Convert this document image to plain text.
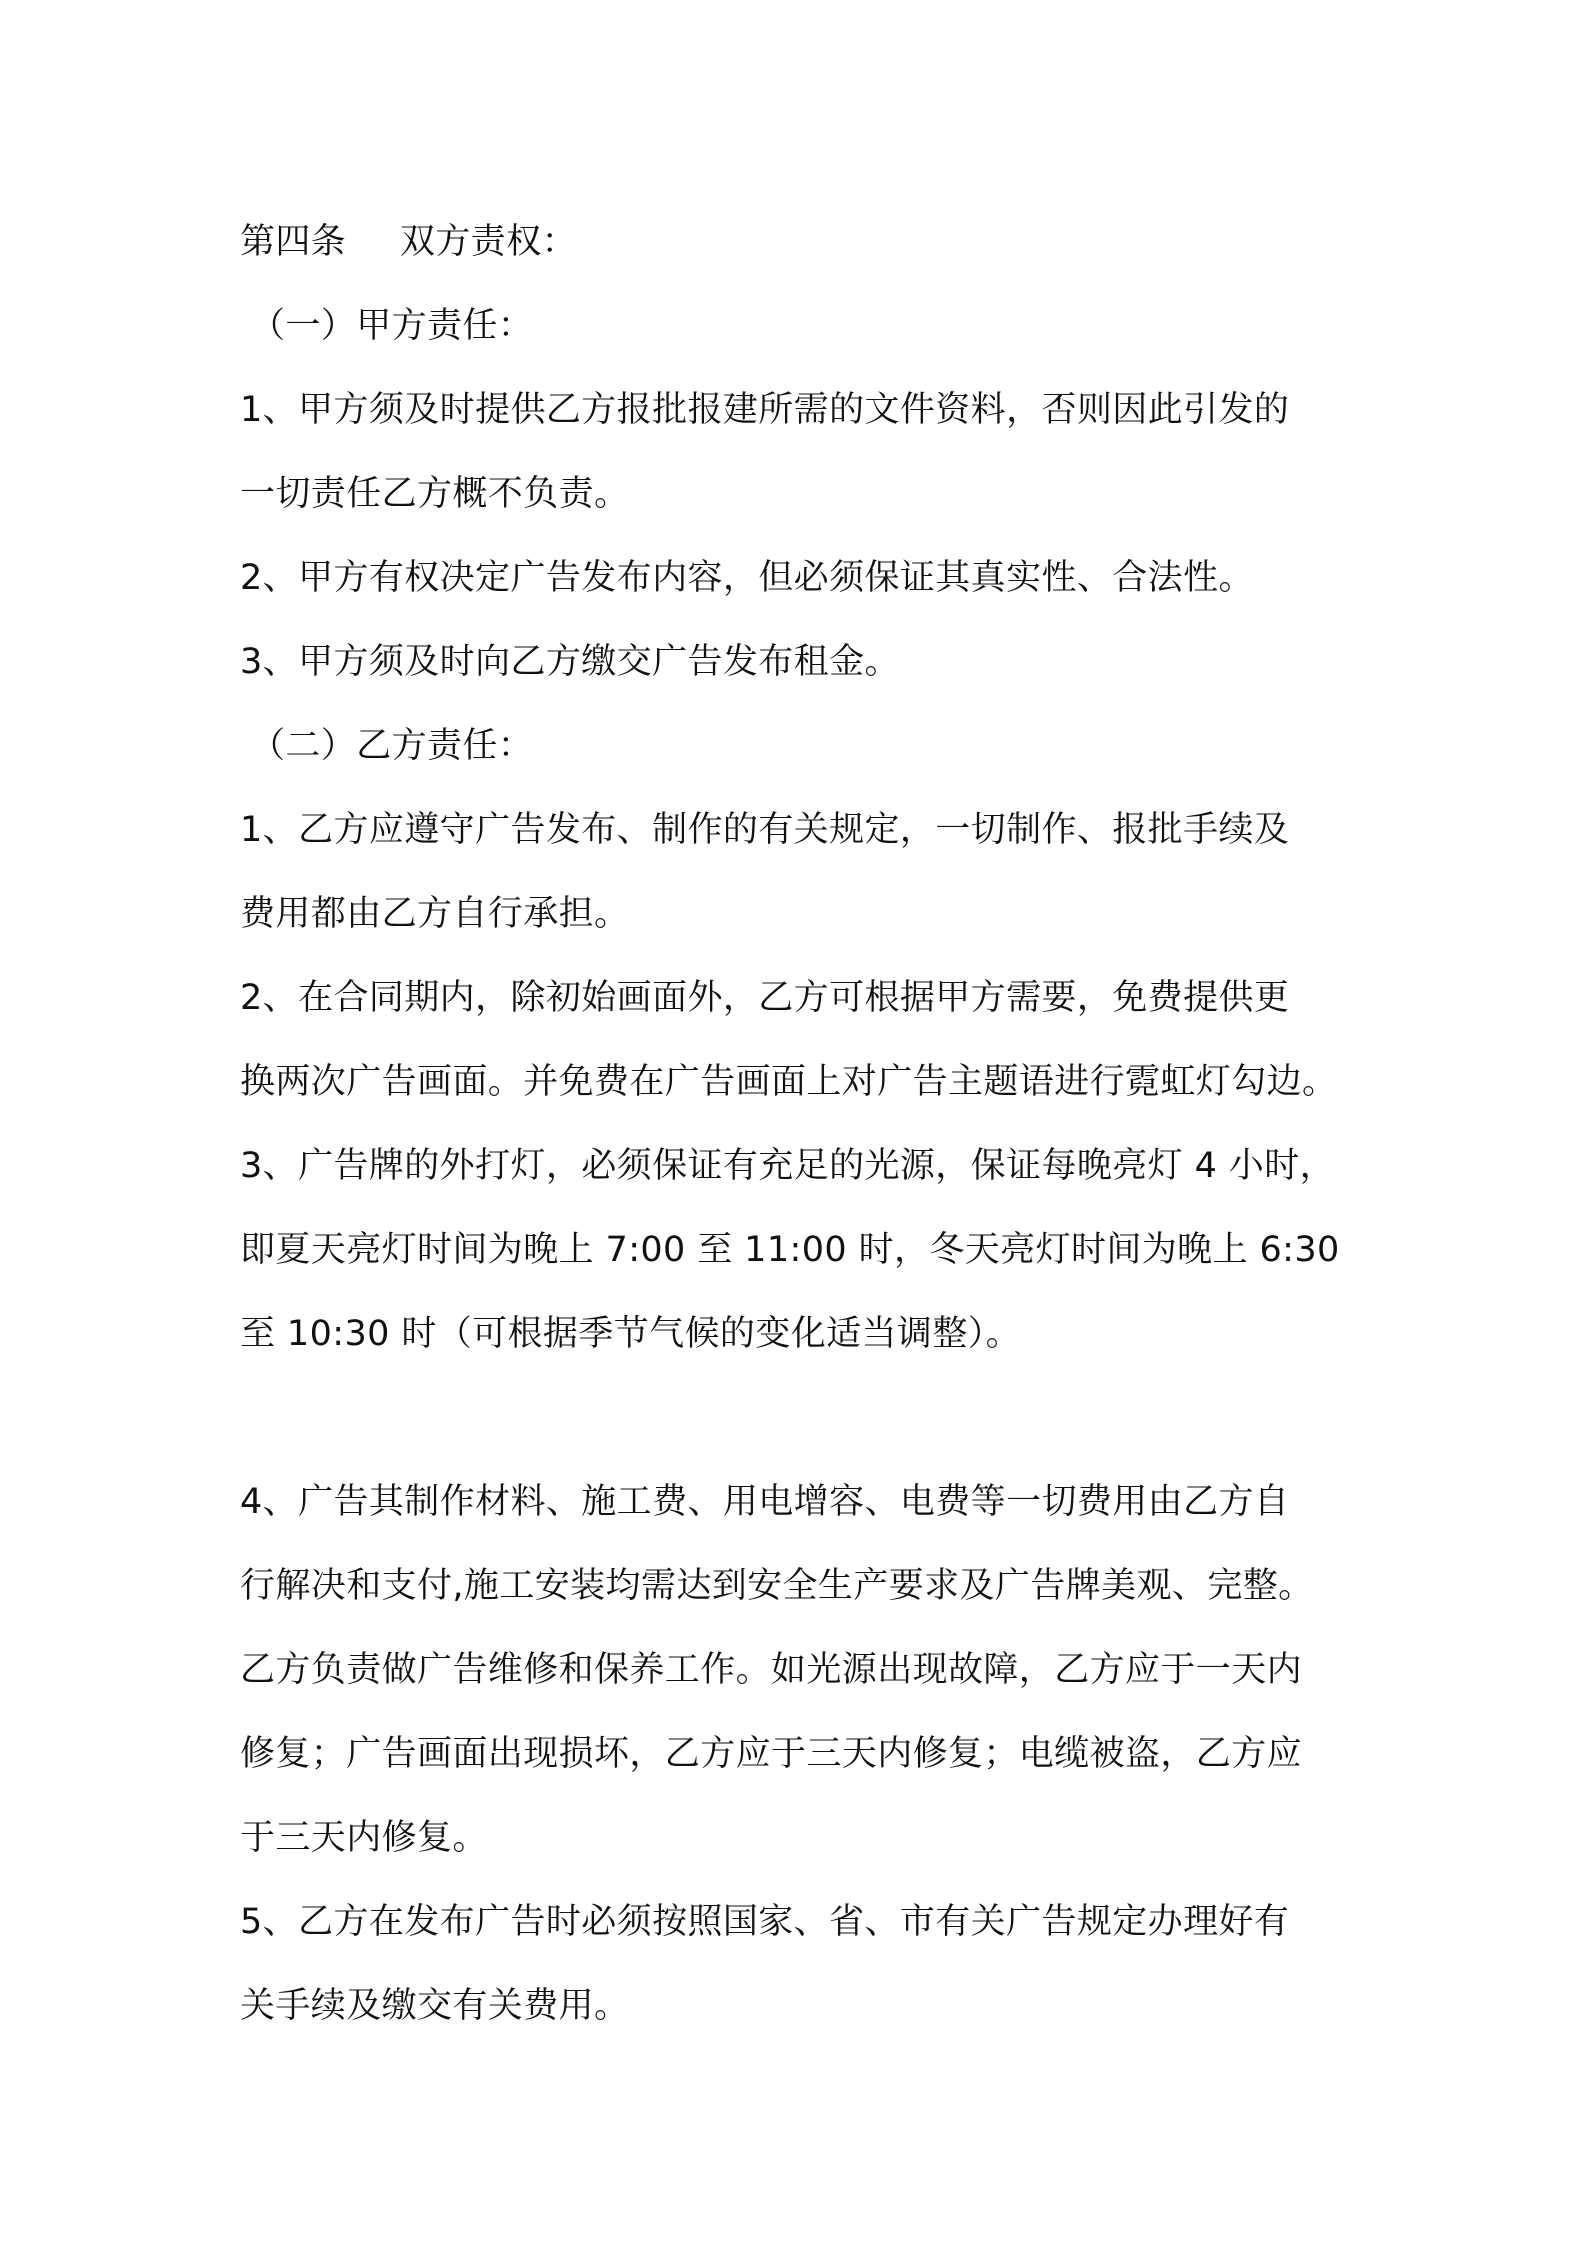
第四条	双方责权：
（一）甲方责任：
1、甲方须及时提供乙方报批报建所需的文件资料，否则因此引发的
一切责任乙方概不负责。
2、甲方有权决定广告发布内容，但必须保证其真实性、合法性。
3、甲方须及时向乙方缴交广告发布租金。
（二）乙方责任：
1、乙方应遵守广告发布、制作的有关规定，一切制作、报批手续及
费用都由乙方自行承担。
2、在合同期内，除初始画面外，乙方可根据甲方需要，免费提供更
换两次广告画面。并免费在广告画面上对广告主题语进行霓虹灯勾边。
3、广告牌的外打灯，必须保证有充足的光源，保证每晚亮灯 4 小时，
即夏天亮灯时间为晚上 7:00 至 11:00 时，冬天亮灯时间为晚上 6:30
至 10:30 时（可根据季节气候的变化适当调整）。
4、广告其制作材料、施工费、用电增容、电费等一切费用由乙方自
行解决和支付,施工安装均需达到安全生产要求及广告牌美观、完整。
乙方负责做广告维修和保养工作。如光源出现故障，乙方应于一天内
修复；广告画面出现损坏，乙方应于三天内修复；电缆被盗，乙方应
于三天内修复。
5、乙方在发布广告时必须按照国家、省、市有关广告规定办理好有
关手续及缴交有关费用。
